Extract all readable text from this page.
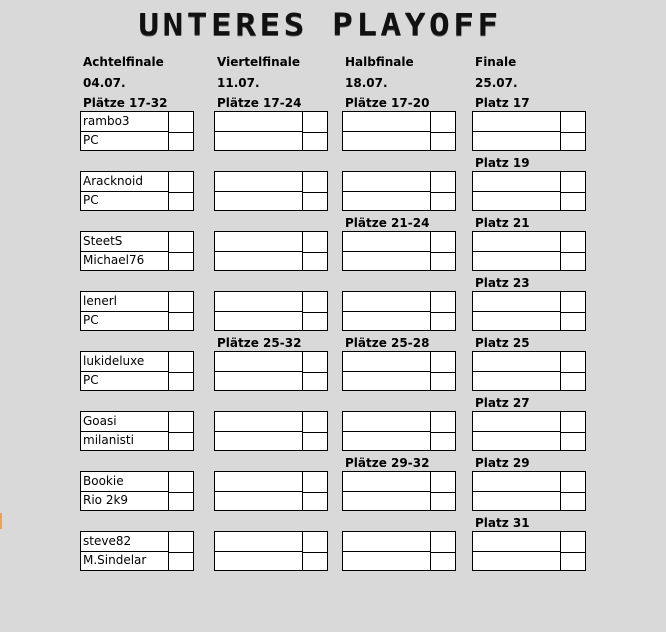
UNTERES PLAYOFF
Achtelfinale
04.07.
Plätze 17-32
Viertelfinale
11.07.
Plätze 17-24
Halbfinale
18.07.
Plätze 17-20
Finale
25.07.
Platz 17
Plätze 25-32
Plätze 21-24
Plätze 25-28
Plätze 29-32
Platz 19
Platz 21
Platz 23
Platz 25
Platz 27
Platz 29
Platz 31
rambo3
PC
Aracknoid
PC
SteetS
Michael76
lenerl
PC
lukideluxe
PC
Goasi
milanisti
Bookie
Rio 2k9
steve82
M.Sindelar
